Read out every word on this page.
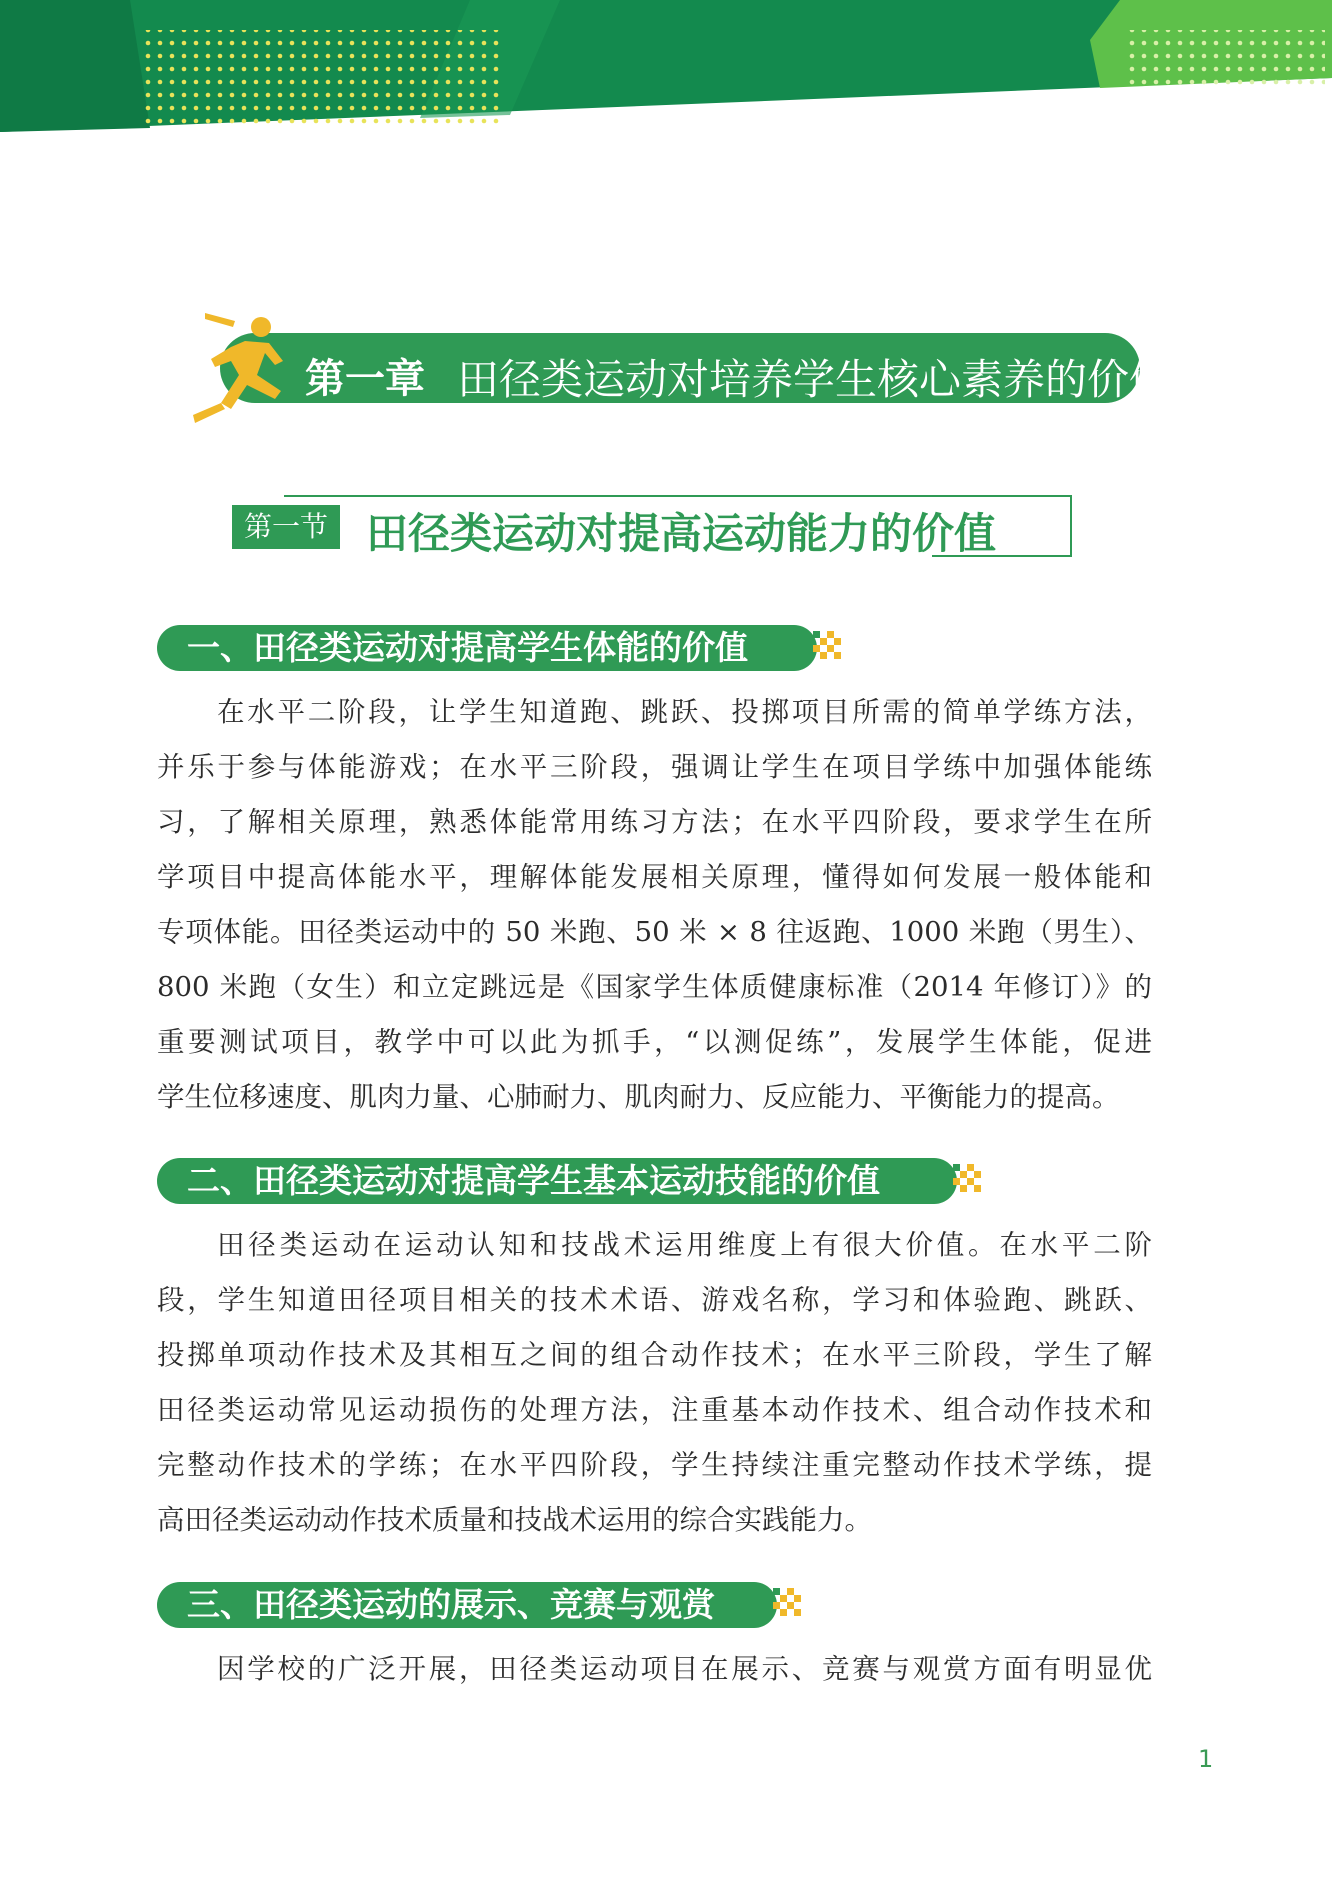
第一章 田径类运动对培养学生核心素养的价值
第一节 田径类运动对提高运动能力的价值
一、田径类运动对提高学生体能的价值
在水平二阶段，让学生知道跑、跳跃、投掷项目所需的简单学练方法，
并乐于参与体能游戏；在水平三阶段，强调让学生在项目学练中加强体能练
习，了解相关原理，熟悉体能常用练习方法；在水平四阶段，要求学生在所
学项目中提高体能水平，理解体能发展相关原理，懂得如何发展一般体能和
专项体能。田径类运动中的 50 米跑、50 米 × 8 往返跑、1000 米跑（男生）、
800 米跑（女生）和立定跳远是《国家学生体质健康标准（2014 年修订）》的
重要测试项目，教学中可以此为抓手，“以测促练”，发展学生体能，促进
学生位移速度、肌肉力量、心肺耐力、肌肉耐力、反应能力、平衡能力的提高。
二、田径类运动对提高学生基本运动技能的价值
田径类运动在运动认知和技战术运用维度上有很大价值。在水平二阶
段，学生知道田径项目相关的技术术语、游戏名称，学习和体验跑、跳跃、
投掷单项动作技术及其相互之间的组合动作技术；在水平三阶段，学生了解
田径类运动常见运动损伤的处理方法，注重基本动作技术、组合动作技术和
完整动作技术的学练；在水平四阶段，学生持续注重完整动作技术学练，提
高田径类运动动作技术质量和技战术运用的综合实践能力。
三、田径类运动的展示、竞赛与观赏
因学校的广泛开展，田径类运动项目在展示、竞赛与观赏方面有明显优
1
